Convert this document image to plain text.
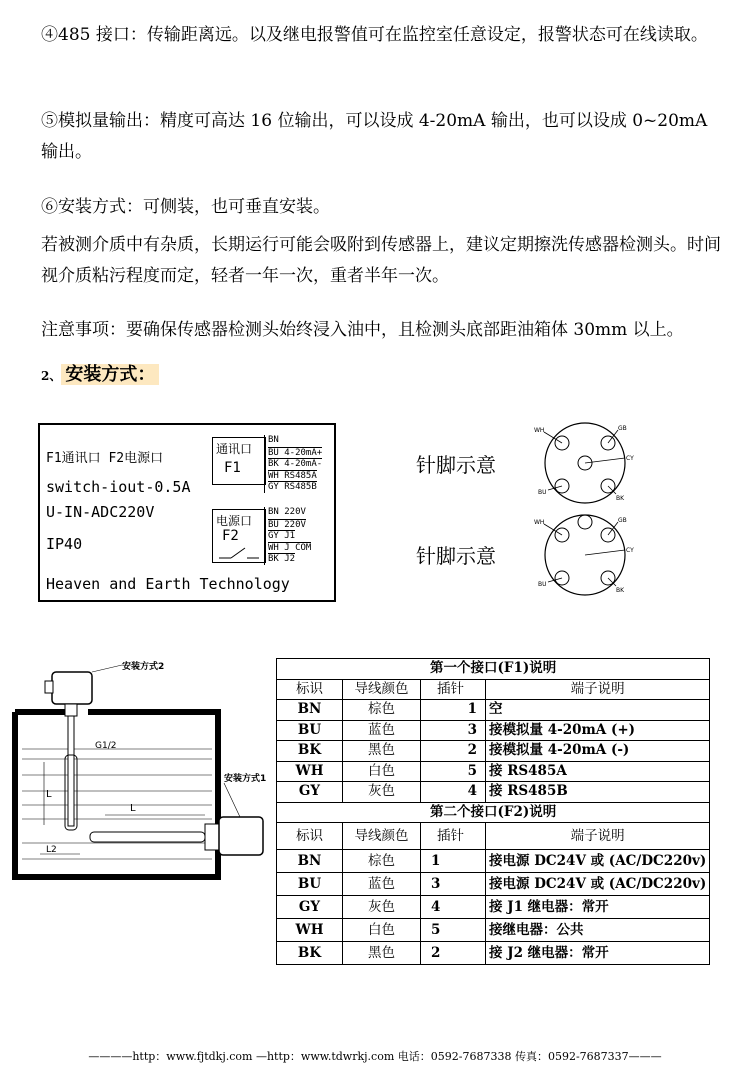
④485 接口：传输距离远。以及继电报警值可在监控室任意设定，报警状态可在线读取。

⑤模拟量输出：精度可高达 16 位输出，可以设成 4-20mA 输出，也可以设成 0~20mA 输出。

⑥安装方式：可侧装，也可垂直安装。

若被测介质中有杂质，长期运行可能会吸附到传感器上，建议定期擦洗传感器检测头。时间视介质粘污程度而定，轻者一年一次，重者半年一次。

注意事项：要确保传感器检测头始终浸入油中，且检测头底部距油箱体 30mm 以上。

2、 安装方式：

F1通讯口 F2电源口
switch-iout-0.5A
U-IN-ADC220V
IP40
Heaven and Earth Technology
通讯口
F1
BN
BU 4-20mA+
BK 4-20mA-
WH RS485A
GY RS485B
电源口
F2
BN 220V
BU 220V
GY J1
WH J COM
BK J2
针脚示意
针脚示意
WH	GB
CY
BU
BK
WH	GB
CY
BU
BK
安装方式2
G1/2
L
L
安装方式1
L2
第一个接口(F1)说明			
标识	导线颜色	插针	端子说明
BN	棕色	1	空
BU	蓝色	3	接模拟量 4-20mA (+)
BK	黑色	2	接模拟量 4-20mA (-)
WH	白色	5	接 RS485A
GY	灰色	4	接 RS485B
第二个接口(F2)说明			
标识	导线颜色	插针	端子说明
BN	棕色	1	接电源 DC24V 或 (AC/DC220v)
BU	蓝色	3	接电源 DC24V 或 (AC/DC220v)
GY	灰色	4	接 J1 继电器：常开
WH	白色	5	接继电器：公共
BK	黑色	2	接 J2 继电器：常开
————http：www.fjtdkj.com —http：www.tdwrkj.com 电话：0592-7687338 传真：0592-7687337———
